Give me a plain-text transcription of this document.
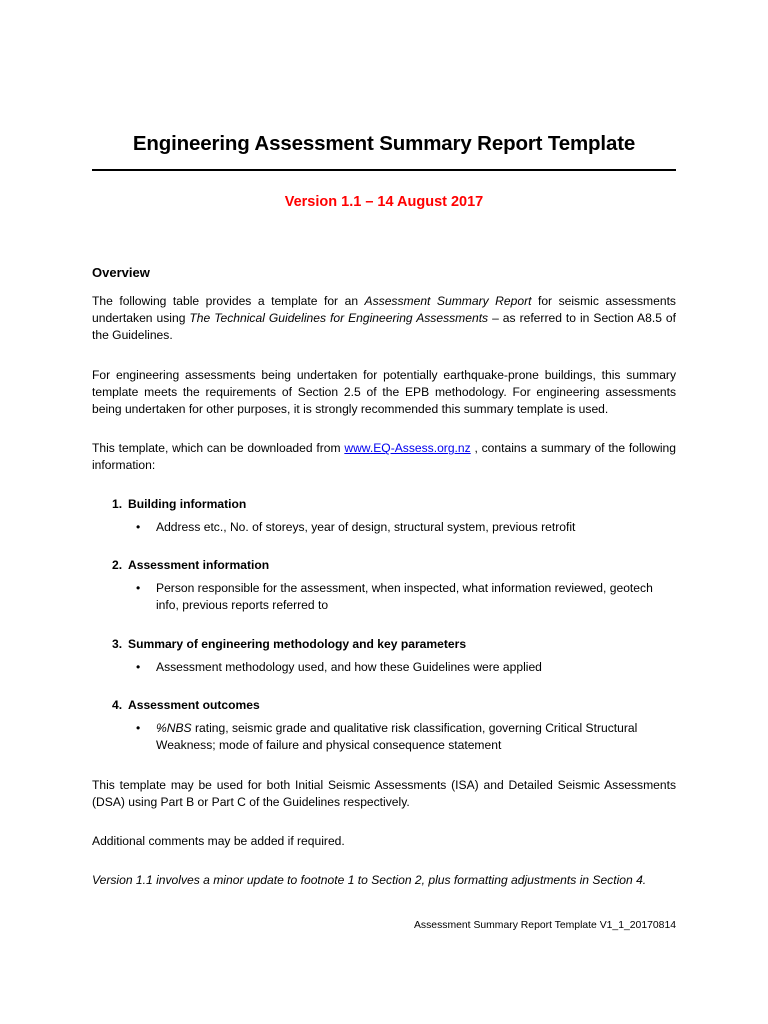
Engineering Assessment Summary Report Template

Version 1.1 – 14 August 2017

Overview

The following table provides a template for an Assessment Summary Report for seismic assessments undertaken using The Technical Guidelines for Engineering Assessments – as referred to in Section A8.5 of the Guidelines.

For engineering assessments being undertaken for potentially earthquake-prone buildings, this summary template meets the requirements of Section 2.5 of the EPB methodology. For engineering assessments being undertaken for other purposes, it is strongly recommended this summary template is used.

This template, which can be downloaded from www.EQ-Assess.org.nz , contains a summary of the following information:

1. Building information
• Address etc., No. of storeys, year of design, structural system, previous retrofit
2. Assessment information
• Person responsible for the assessment, when inspected, what information reviewed, geotech info, previous reports referred to
3. Summary of engineering methodology and key parameters
• Assessment methodology used, and how these Guidelines were applied
4. Assessment outcomes
• %NBS rating, seismic grade and qualitative risk classification, governing Critical Structural Weakness; mode of failure and physical consequence statement

This template may be used for both Initial Seismic Assessments (ISA) and Detailed Seismic Assessments (DSA) using Part B or Part C of the Guidelines respectively.

Additional comments may be added if required.

Version 1.1 involves a minor update to footnote 1 to Section 2, plus formatting adjustments in Section 4.

Assessment Summary Report Template V1_1_20170814
